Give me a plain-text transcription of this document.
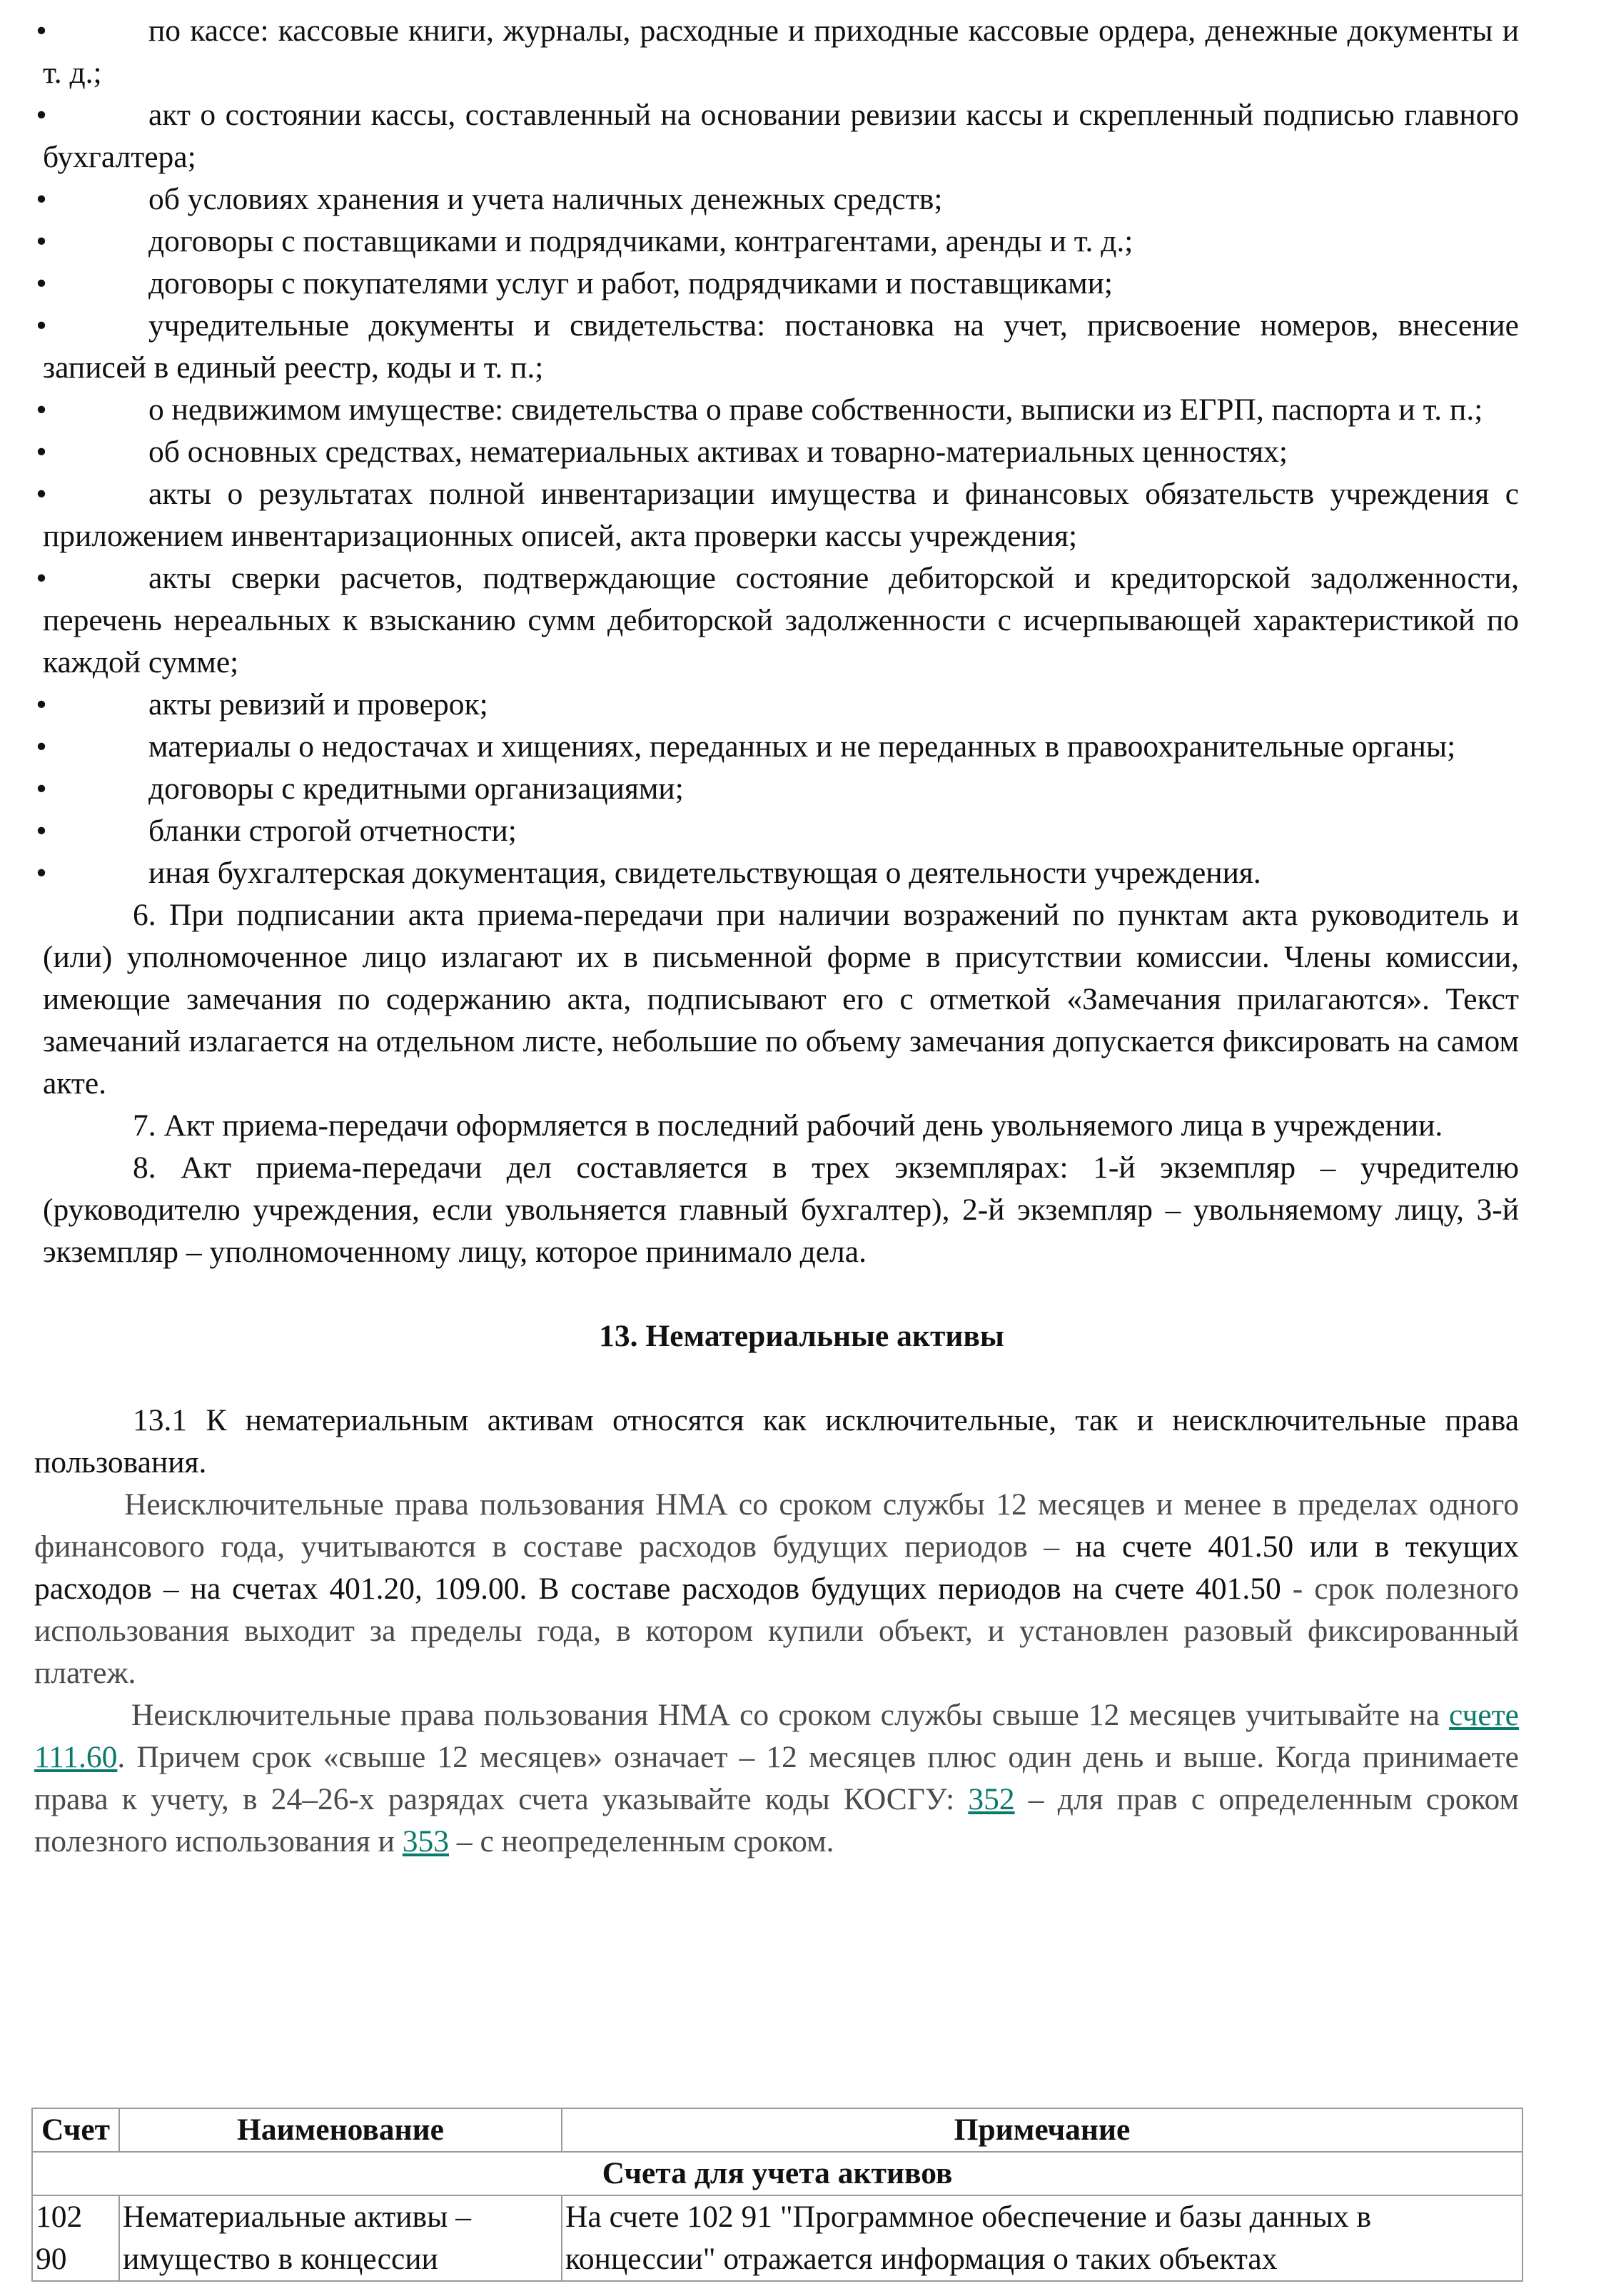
•	по кассе: кассовые книги, журналы, расходные и приходные кассовые ордера, денежные документы и т. д.;

•	акт о состоянии кассы, составленный на основании ревизии кассы и скрепленный подписью главного бухгалтера;

•	об условиях хранения и учета наличных денежных средств;

•	договоры с поставщиками и подрядчиками, контрагентами, аренды и т. д.;

•	договоры с покупателями услуг и работ, подрядчиками и поставщиками;

•	учредительные документы и свидетельства: постановка на учет, присвоение номеров, внесение записей в единый реестр, коды и т. п.;

•	о недвижимом имуществе: свидетельства о праве собственности, выписки из ЕГРП, паспорта и т. п.;

•	об основных средствах, нематериальных активах и товарно-материальных ценностях;

•	акты о результатах полной инвентаризации имущества и финансовых обязательств учреждения с приложением инвентаризационных описей, акта проверки кассы учреждения;

•	акты сверки расчетов, подтверждающие состояние дебиторской и кредиторской задолженности, перечень нереальных к взысканию сумм дебиторской задолженности с исчерпывающей характеристикой по каждой сумме;

•	акты ревизий и проверок;

•	материалы о недостачах и хищениях, переданных и не переданных в правоохранительные органы;

•	договоры с кредитными организациями;

•	бланки строгой отчетности;

•	иная бухгалтерская документация, свидетельствующая о деятельности учреждения.

6. При подписании акта приема-передачи при наличии возражений по пунктам акта руководитель и (или) уполномоченное лицо излагают их в письменной форме в присутствии комиссии. Члены комиссии, имеющие замечания по содержанию акта, подписывают его с отметкой «Замечания прилагаются». Текст замечаний излагается на отдельном листе, небольшие по объему замечания допускается фиксировать на самом акте.

7. Акт приема-передачи оформляется в последний рабочий день увольняемого лица в учреждении.

8. Акт приема-передачи дел составляется в трех экземплярах: 1-й экземпляр – учредителю (руководителю учреждения, если увольняется главный бухгалтер), 2-й экземпляр – увольняемому лицу, 3-й экземпляр – уполномоченному лицу, которое принимало дела.

13. Нематериальные активы

13.1 К нематериальным активам относятся как исключительные, так и неисключительные права пользования.

Неисключительные права пользования НМА со сроком службы 12 месяцев и менее в пределах одного финансового года, учитываются в составе расходов будущих периодов – на счете 401.50 или в текущих расходов – на счетах 401.20, 109.00. В составе расходов будущих периодов на счете 401.50 - срок полезного использования выходит за пределы года, в котором купили объект, и установлен разовый фиксированный платеж.

Неисключительные права пользования НМА со сроком службы свыше 12 месяцев учитывайте на счете 111.60. Причем срок «свыше 12 месяцев» означает – 12 месяцев плюс один день и выше. Когда принимаете права к учету, в 24–26-х разрядах счета указывайте коды КОСГУ: 352 – для прав с определенным сроком полезного использования и 353 – с неопределенным сроком.

Счет	Наименование	Примечание
Счета для учета активов		
102 90	Нематериальные активы – имущество в концессии	На счете 102 91 "Программное обеспечение и базы данных в концессии" отражается информация о таких объектах
